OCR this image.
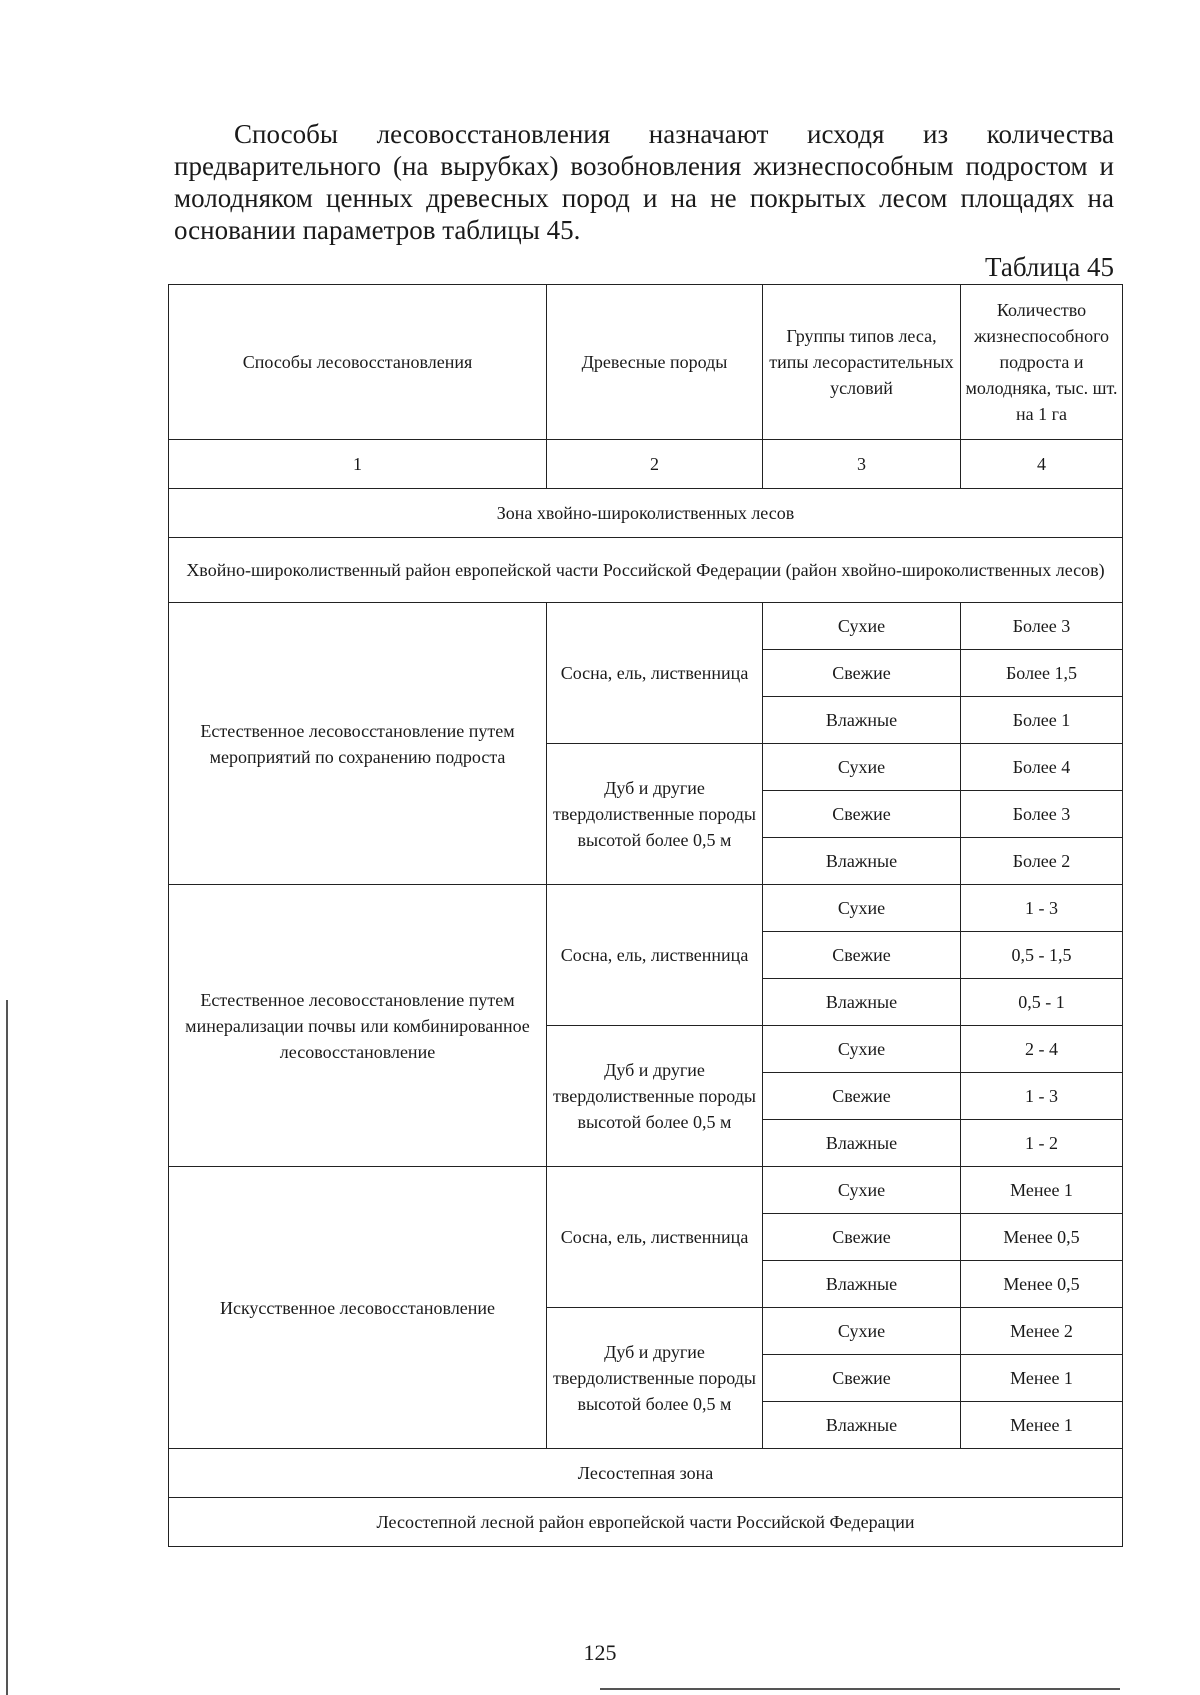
Способы лесовосстановления назначают исходя из количества предварительного (на вырубках) возобновления жизнеспособным подростом и молодняком ценных древесных пород и на не покрытых лесом площадях на основании параметров таблицы 45.

Таблица 45

Способы лесовосстановления	Древесные породы	Группы типов леса, типы лесорастительных условий	Количество жизнеспособного подроста и молодняка, тыс. шт. на 1 га
1	2	3	4
Зона хвойно-широколиственных лесов			
Хвойно-широколиственный район европейской части Российской Федерации (район хвойно-широколиственных лесов)			
Естественное лесовосстановление путем мероприятий по сохранению подроста	Сосна, ель, лиственница	Сухие	Более 3
		Свежие	Более 1,5
		Влажные	Более 1
	Дуб и другие твердолиственные породы высотой более 0,5 м	Сухие	Более 4
		Свежие	Более 3
		Влажные	Более 2
Естественное лесовосстановление путем минерализации почвы или комбинированное лесовосстановление	Сосна, ель, лиственница	Сухие	1 - 3
		Свежие	0,5 - 1,5
		Влажные	0,5 - 1
	Дуб и другие твердолиственные породы высотой более 0,5 м	Сухие	2 - 4
		Свежие	1 - 3
		Влажные	1 - 2
Искусственное лесовосстановление	Сосна, ель, лиственница	Сухие	Менее 1
		Свежие	Менее 0,5
		Влажные	Менее 0,5
	Дуб и другие твердолиственные породы высотой более 0,5 м	Сухие	Менее 2
		Свежие	Менее 1
		Влажные	Менее 1
Лесостепная зона			
Лесостепной лесной район европейской части Российской Федерации			
125
